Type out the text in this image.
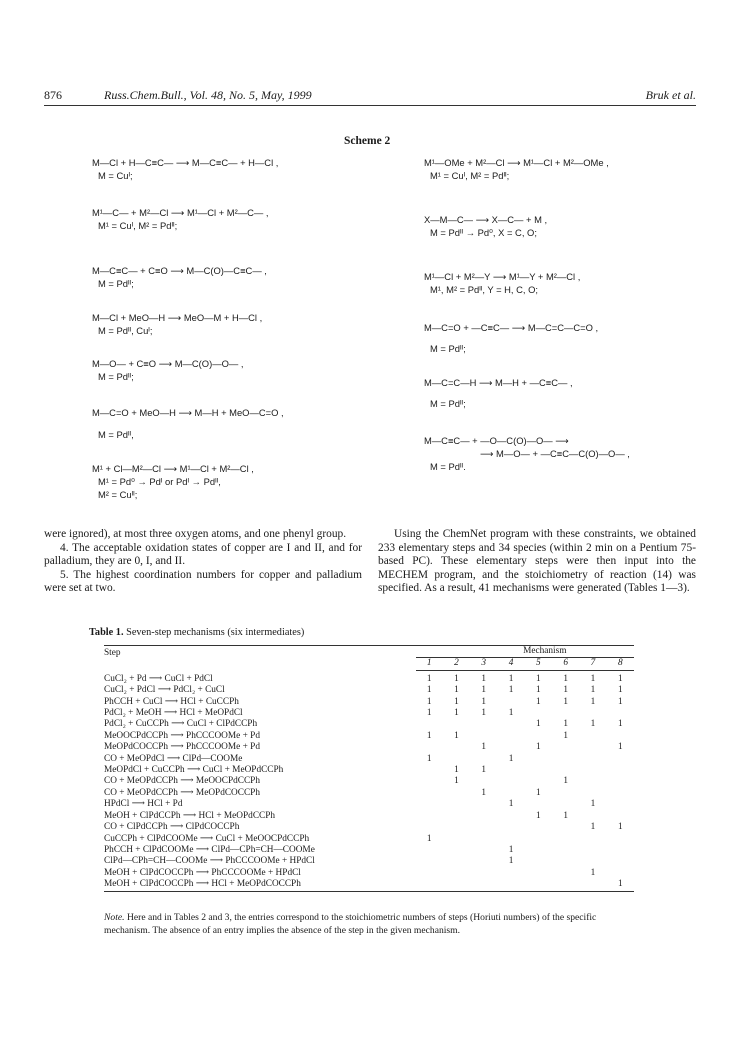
876	Russ.Chem.Bull., Vol. 48, No. 5, May, 1999	Bruk et al.
Scheme 2
M—Cl + H—C≡C— ⟶ M—C≡C— + H—Cl ,
M = Cuᴵ;
M¹—C— + M²—Cl ⟶ M¹—Cl + M²—C— ,
M¹ = Cuᴵ, M² = Pdᴵᴵ;
M—C≡C— + C≡O ⟶ M—C(O)—C≡C— ,
M = Pdᴵᴵ;
M—Cl + MeO—H ⟶ MeO—M + H—Cl ,
M = Pdᴵᴵ, Cuᴵ;
M—O— + C≡O ⟶ M—C(O)—O— ,
M = Pdᴵᴵ;
M—C=O + MeO—H ⟶ M—H + MeO—C=O ,
M = Pdᴵᴵ,
M¹ + Cl—M²—Cl ⟶ M¹—Cl + M²—Cl ,
M¹ = Pd⁰ → Pdᴵ or Pdᴵ → Pdᴵᴵ,
M² = Cuᴵᴵ;
M¹—OMe + M²—Cl ⟶ M¹—Cl + M²—OMe ,
M¹ = Cuᴵ, M² = Pdᴵᴵ;
X—M—C— ⟶ X—C— + M ,
M = Pdᴵᴵ → Pd⁰, X = C, O;
M¹—Cl + M²—Y ⟶ M¹—Y + M²—Cl ,
M¹, M² = Pdᴵᴵ, Y = H, C, O;
M—C=O + —C≡C— ⟶ M—C=C—C=O ,
M = Pdᴵᴵ;
M—C=C—H ⟶ M—H + —C≡C— ,
M = Pdᴵᴵ;
M—C≡C— + —O—C(O)—O— ⟶
⟶ M—O— + —C≡C—C(O)—O— ,
M = Pdᴵᴵ.

were ignored), at most three oxygen atoms, and one phenyl group.

4. The acceptable oxidation states of copper are I and II, and for palladium, they are 0, I, and II.

5. The highest coordination numbers for copper and palladium were set at two.

Using the ChemNet program with these constraints, we obtained 233 elementary steps and 34 species (within 2 min on a Pentium 75-based PC). These elementary steps were then input into the MECHEM program, and the stoichiometry of reaction (14) was specified. As a result, 41 mechanisms were generated (Tables 1—3).

Table 1. Seven-step mechanisms (six intermediates)
Step	Mechanism							
	1	2	3	4	5	6	7	8
CuCl₂ + Pd ⟶ CuCl + PdCl	1	1	1	1	1	1	1	1
CuCl₂ + PdCl ⟶ PdCl₂ + CuCl	1	1	1	1	1	1	1	1
PhCCH + CuCl ⟶ HCl + CuCCPh	1	1	1		1	1	1	1
PdCl₂ + MeOH ⟶ HCl + MeOPdCl	1	1	1	1				
PdCl₂ + CuCCPh ⟶ CuCl + ClPdCCPh					1	1	1	1
MeOOCPdCCPh ⟶ PhCCCOOMe + Pd	1	1				1		
MeOPdCOCCPh ⟶ PhCCCOOMe + Pd			1		1			1
CO + MeOPdCl ⟶ ClPd—COOMe	1			1				
MeOPdCl + CuCCPh ⟶ CuCl + MeOPdCCPh		1	1					
CO + MeOPdCCPh ⟶ MeOOCPdCCPh		1				1		
CO + MeOPdCCPh ⟶ MeOPdCOCCPh			1		1			
HPdCl ⟶ HCl + Pd				1			1	
MeOH + ClPdCCPh ⟶ HCl + MeOPdCCPh					1	1		
CO + ClPdCCPh ⟶ ClPdCOCCPh							1	1
CuCCPh + ClPdCOOMe ⟶ CuCl + MeOOCPdCCPh	1							
PhCCH + ClPdCOOMe ⟶ ClPd—CPh=CH—COOMe				1				
ClPd—CPh=CH—COOMe ⟶ PhCCCOOMe + HPdCl				1				
MeOH + ClPdCOCCPh ⟶ PhCCCOOMe + HPdCl							1	
MeOH + ClPdCOCCPh ⟶ HCl + MeOPdCOCCPh								1
Note. Here and in Tables 2 and 3, the entries correspond to the stoichiometric numbers of steps (Horiuti numbers) of the specific mechanism. The absence of an entry implies the absence of the step in the given mechanism.
